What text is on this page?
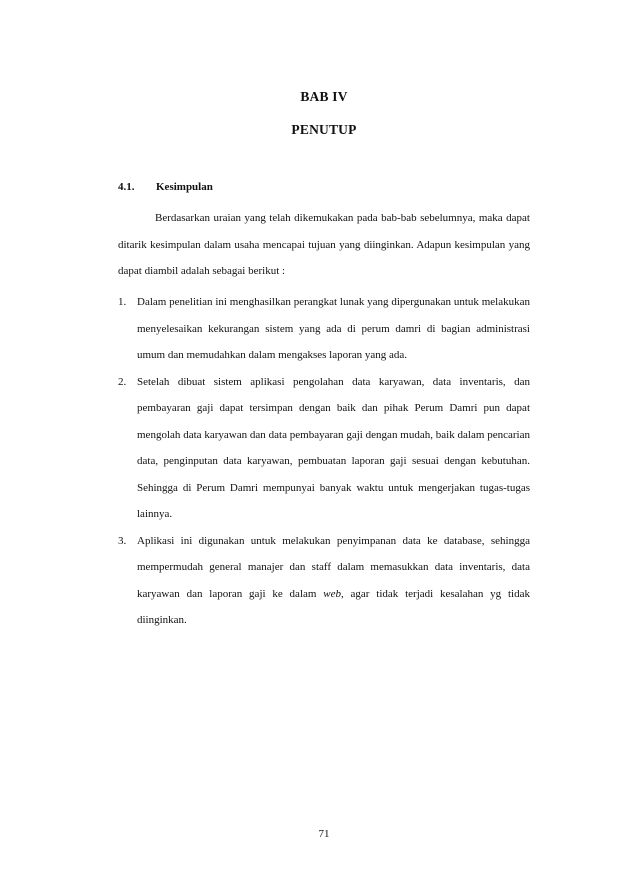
BAB IV
PENUTUP
4.1. Kesimpulan

Berdasarkan uraian yang telah dikemukakan pada bab-bab sebelumnya, maka dapat ditarik kesimpulan dalam usaha mencapai tujuan yang diinginkan. Adapun kesimpulan yang dapat diambil adalah sebagai berikut :

1. Dalam penelitian ini menghasilkan perangkat lunak yang dipergunakan untuk melakukan menyelesaikan kekurangan sistem yang ada di perum damri di bagian administrasi umum dan memudahkan dalam mengakses laporan yang ada.
2. Setelah dibuat sistem aplikasi pengolahan data karyawan, data inventaris, dan pembayaran gaji dapat tersimpan dengan baik dan pihak Perum Damri pun dapat mengolah data karyawan dan data pembayaran gaji dengan mudah, baik dalam pencarian data, penginputan data karyawan, pembuatan laporan gaji sesuai dengan kebutuhan. Sehingga di Perum Damri mempunyai banyak waktu untuk mengerjakan tugas-tugas lainnya.
3. Aplikasi ini digunakan untuk melakukan penyimpanan data ke database, sehingga mempermudah general manajer dan staff dalam memasukkan data inventaris, data karyawan dan laporan gaji ke dalam web, agar tidak terjadi kesalahan yg tidak diinginkan.
71
